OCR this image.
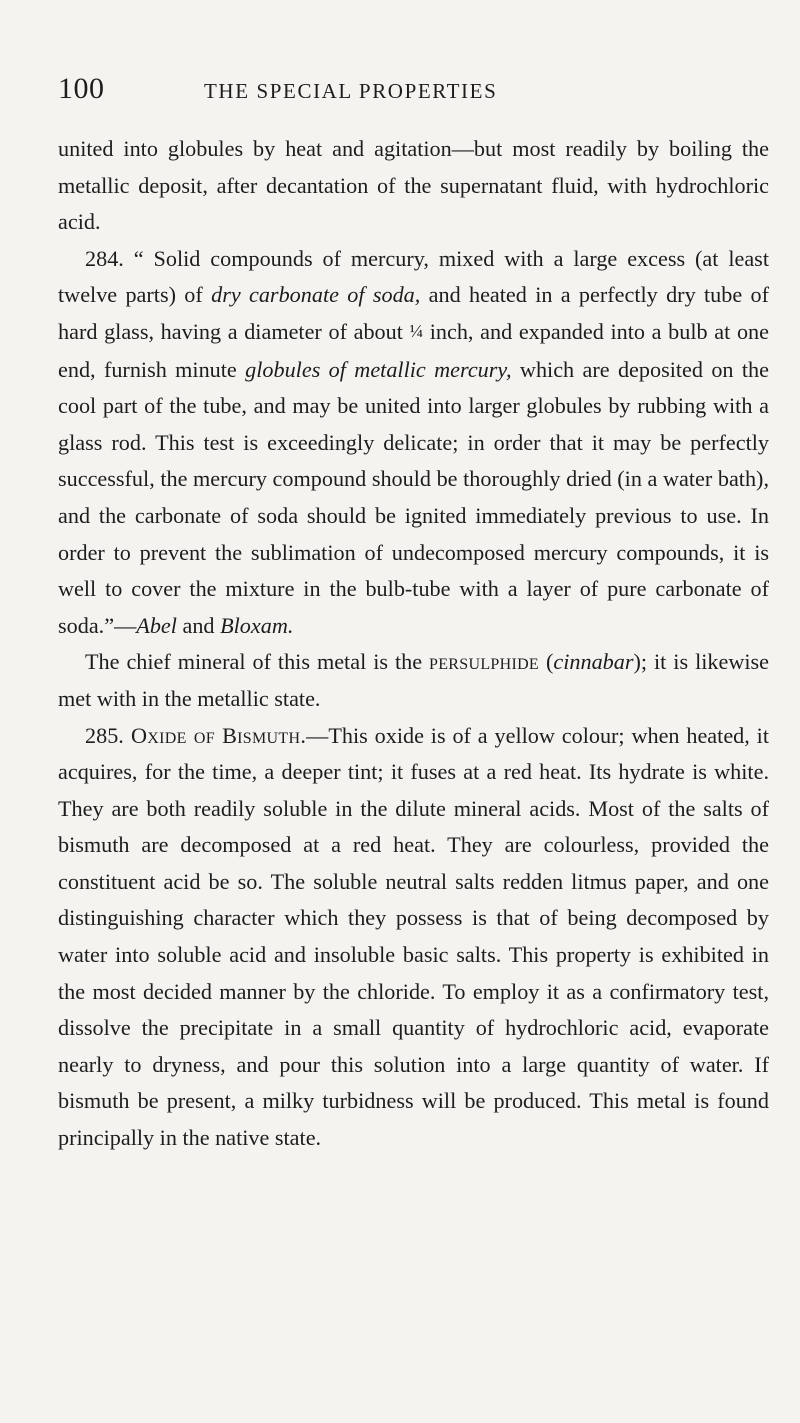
100	THE SPECIAL PROPERTIES

united into globules by heat and agitation—but most readily by boiling the metallic deposit, after decantation of the supernatant fluid, with hydrochloric acid.

284. “ Solid compounds of mercury, mixed with a large excess (at least twelve parts) of dry carbonate of soda, and heated in a perfectly dry tube of hard glass, having a diameter of about ¼ inch, and expanded into a bulb at one end, furnish minute globules of metallic mercury, which are deposited on the cool part of the tube, and may be united into larger globules by rubbing with a glass rod. This test is exceedingly delicate; in order that it may be perfectly successful, the mercury compound should be thoroughly dried (in a water bath), and the carbonate of soda should be ignited immediately previous to use. In order to prevent the sublimation of undecomposed mercury compounds, it is well to cover the mixture in the bulb-tube with a layer of pure carbonate of soda.”—Abel and Bloxam.

The chief mineral of this metal is the persulphide (cinnabar); it is likewise met with in the metallic state.

285. Oxide of Bismuth.—This oxide is of a yellow colour; when heated, it acquires, for the time, a deeper tint; it fuses at a red heat. Its hydrate is white. They are both readily soluble in the dilute mineral acids. Most of the salts of bismuth are decomposed at a red heat. They are colourless, provided the constituent acid be so. The soluble neutral salts redden litmus paper, and one distinguishing character which they possess is that of being decomposed by water into soluble acid and insoluble basic salts. This property is exhibited in the most decided manner by the chloride. To employ it as a confirmatory test, dissolve the precipitate in a small quantity of hydrochloric acid, evaporate nearly to dryness, and pour this solution into a large quantity of water. If bismuth be present, a milky turbidness will be produced. This metal is found principally in the native state.
